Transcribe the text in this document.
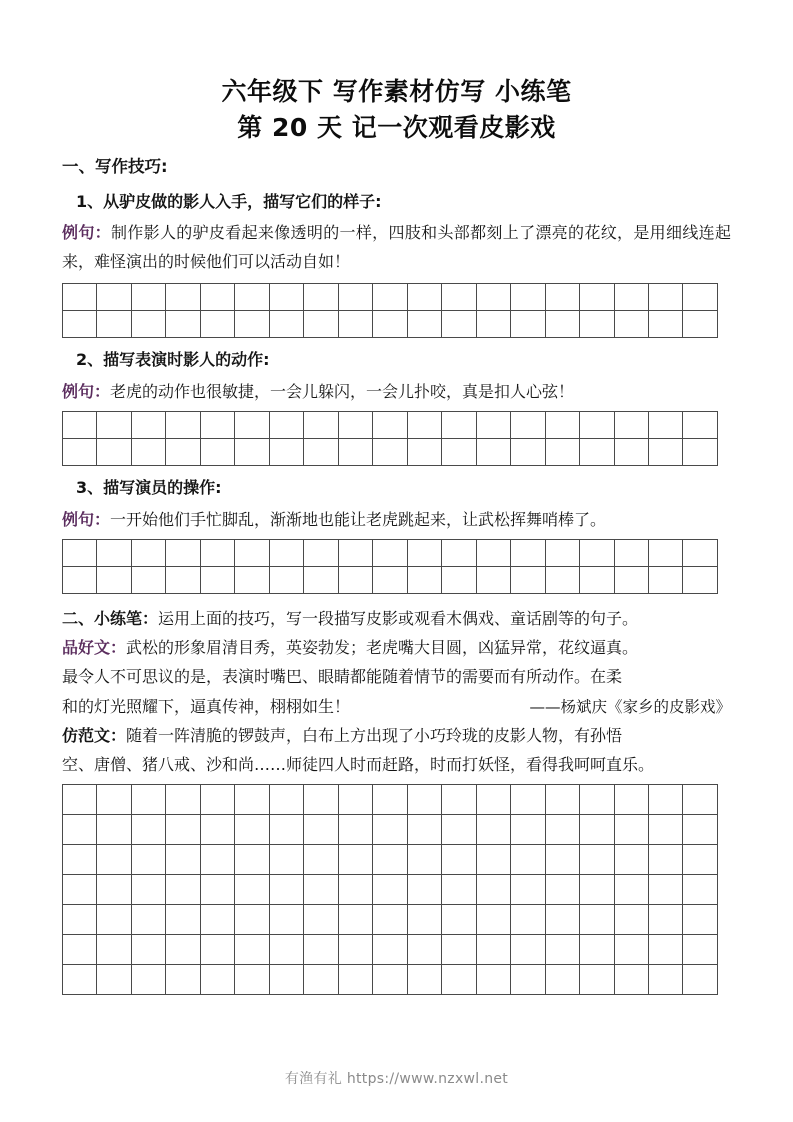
六年级下 写作素材仿写 小练笔
第 20 天 记一次观看皮影戏
一、写作技巧:
1、从驴皮做的影人入手，描写它们的样子:
例句：制作影人的驴皮看起来像透明的一样，四肢和头部都刻上了漂亮的花纹，是用细线连起来，难怪演出的时候他们可以活动自如！
2、描写表演时影人的动作:
例句：老虎的动作也很敏捷，一会儿躲闪，一会儿扑咬，真是扣人心弦！
3、描写演员的操作:
例句：一开始他们手忙脚乱，渐渐地也能让老虎跳起来，让武松挥舞哨棒了。
二、小练笔：运用上面的技巧，写一段描写皮影或观看木偶戏、童话剧等的句子。
品好文：武松的形象眉清目秀，英姿勃发；老虎嘴大目圆，凶猛异常，花纹逼真。
最令人不可思议的是，表演时嘴巴、眼睛都能随着情节的需要而有所动作。在柔
和的灯光照耀下，逼真传神，栩栩如生！	——杨斌庆《家乡的皮影戏》
仿范文：随着一阵清脆的锣鼓声，白布上方出现了小巧玲珑的皮影人物，有孙悟
空、唐僧、猪八戒、沙和尚……师徒四人时而赶路，时而打妖怪，看得我呵呵直乐。
有渔有礼 https://www.nzxwl.net
